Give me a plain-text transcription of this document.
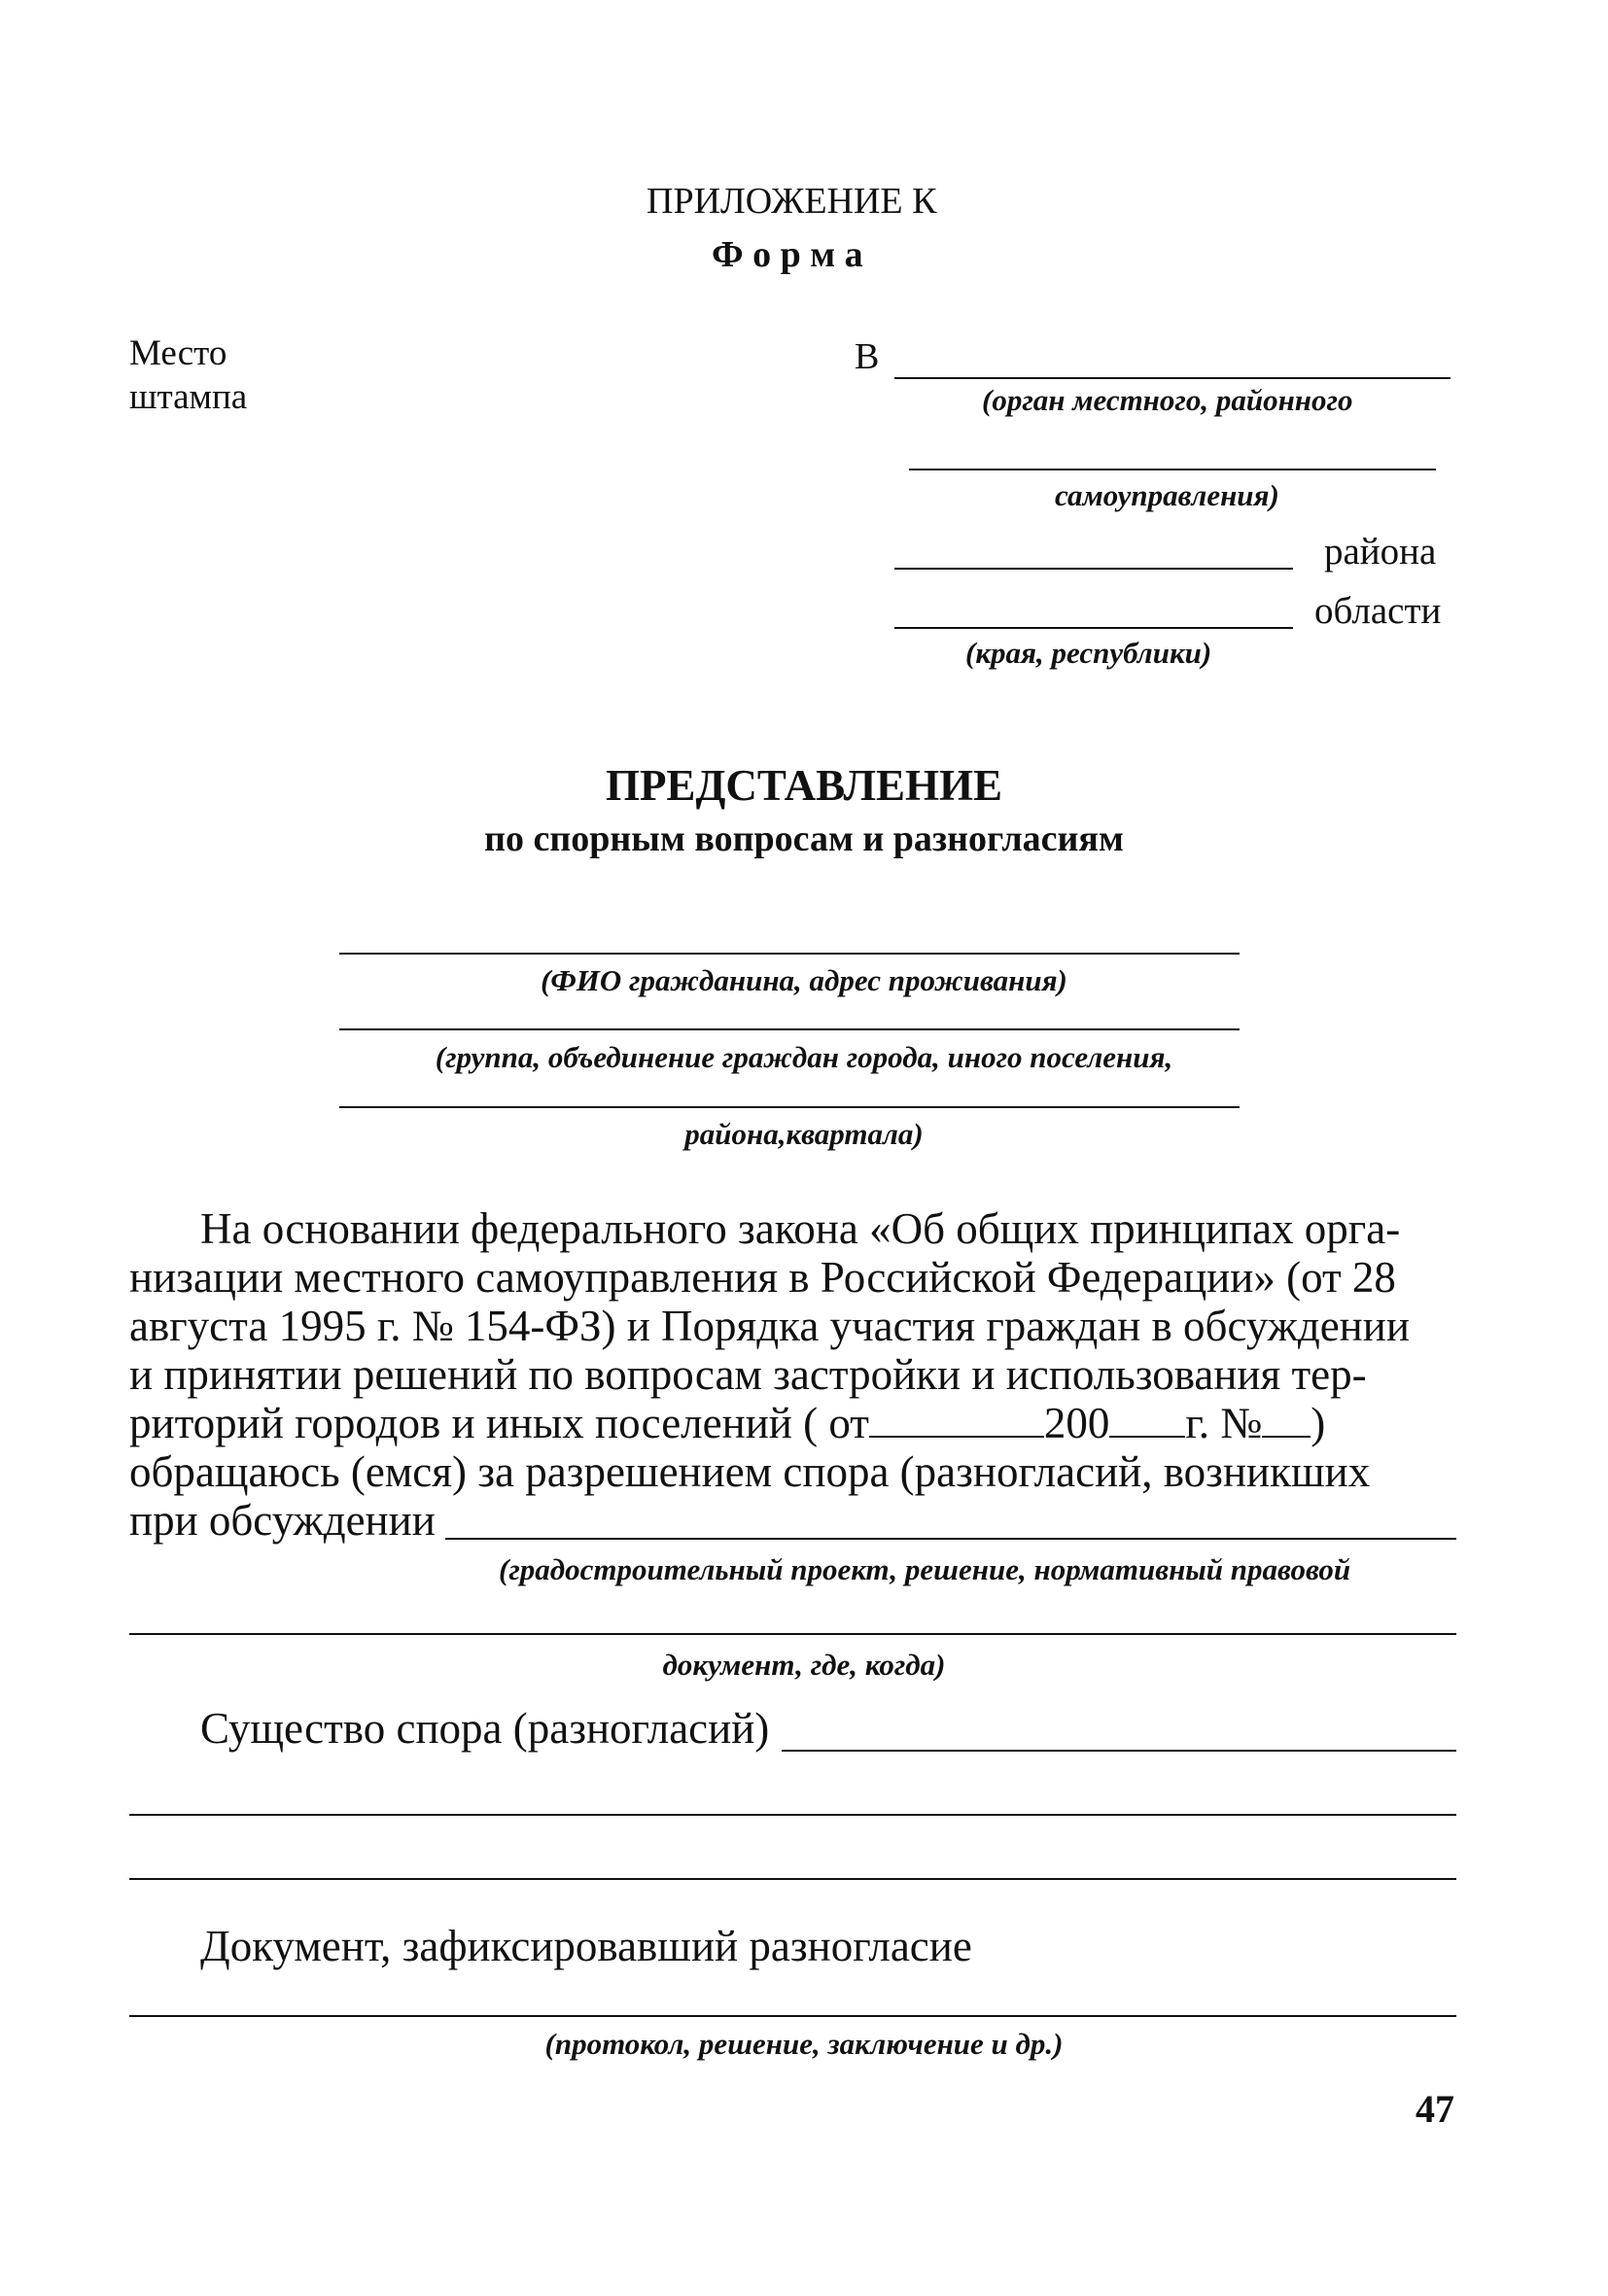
ПРИЛОЖЕНИЕ К
Ф о р м а
Место
штампа
В
(орган местного, районного
самоуправления)
района
области
(края, республики)
ПРЕДСТАВЛЕНИЕ
по спорным вопросам и разногласиям
(ФИО гражданина, адрес проживания)
(группа, объединение граждан города, иного поселения,
района,квартала)
На основании федерального закона «Об общих принципах орга-
низации местного самоуправления в Российской Федерации» (от 28
августа 1995 г. № 154-ФЗ) и Порядка участия граждан в обсуждении
и принятии решений по вопросам застройки и использования тер-
риторий городов и иных поселений ( от	200 г. № )
обращаюсь (емся) за разрешением спора (разногласий, возникших
при обсуждении
(градостроительный проект, решение, нормативный правовой
документ, где, когда)
Существо спора (разногласий)
Документ, зафиксировавший разногласие
(протокол, решение, заключение и др.)
47
